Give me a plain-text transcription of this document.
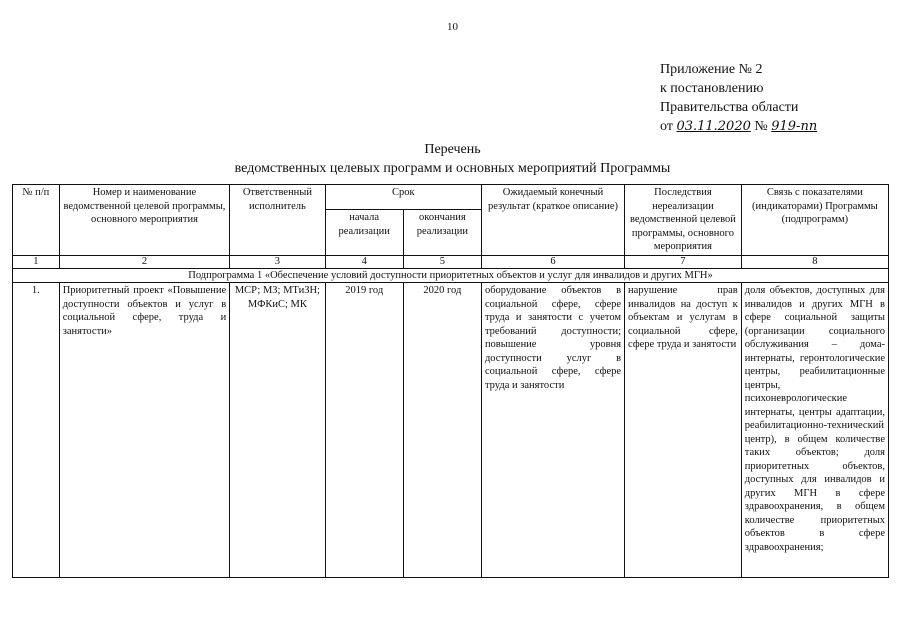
10
Приложение № 2
к постановлению
Правительства области
от 03.11.2020 № 919-пп
Перечень
ведомственных целевых программ и основных мероприятий Программы
№ п/п	Номер и наименование ведомственной целевой программы, основного мероприятия	Ответственный исполнитель	Срок		Ожидаемый конечный результат (краткое описание)	Последствия нереализации ведомственной целевой программы, основного мероприятия	Связь с показателями (индикаторами) Программы (подпрограмм)
			начала реализации	окончания реализации			
1	2	3	4	5	6	7	8
Подпрограмма 1 «Обеспечение условий доступности приоритетных объектов и услуг для инвалидов и других МГН»							
1.	Приоритетный проект «Повышение доступности объектов и услуг в социальной сфере, труда и занятости»	МСР; МЗ; МТиЗН; МФКиС; МК	2019 год	2020 год	оборудование объектов в социальной сфере, сфере труда и занятости с учетом требований доступности; повышение уровня доступности услуг в социальной сфере, сфере труда и занятости	нарушение прав инвалидов на доступ к объектам и услугам в социальной сфере, сфере труда и занятости	доля объектов, доступных для инвалидов и других МГН в сфере социальной защиты (организации социального обслуживания – дома-интернаты, геронтологические центры, реабилитационные центры, психоневрологические интернаты, центры адаптации, реабилитационно-технический центр), в общем количестве таких объектов; доля приоритетных объектов, доступных для инвалидов и других МГН в сфере здравоохранения, в общем количестве приоритетных объектов в сфере здравоохранения;
